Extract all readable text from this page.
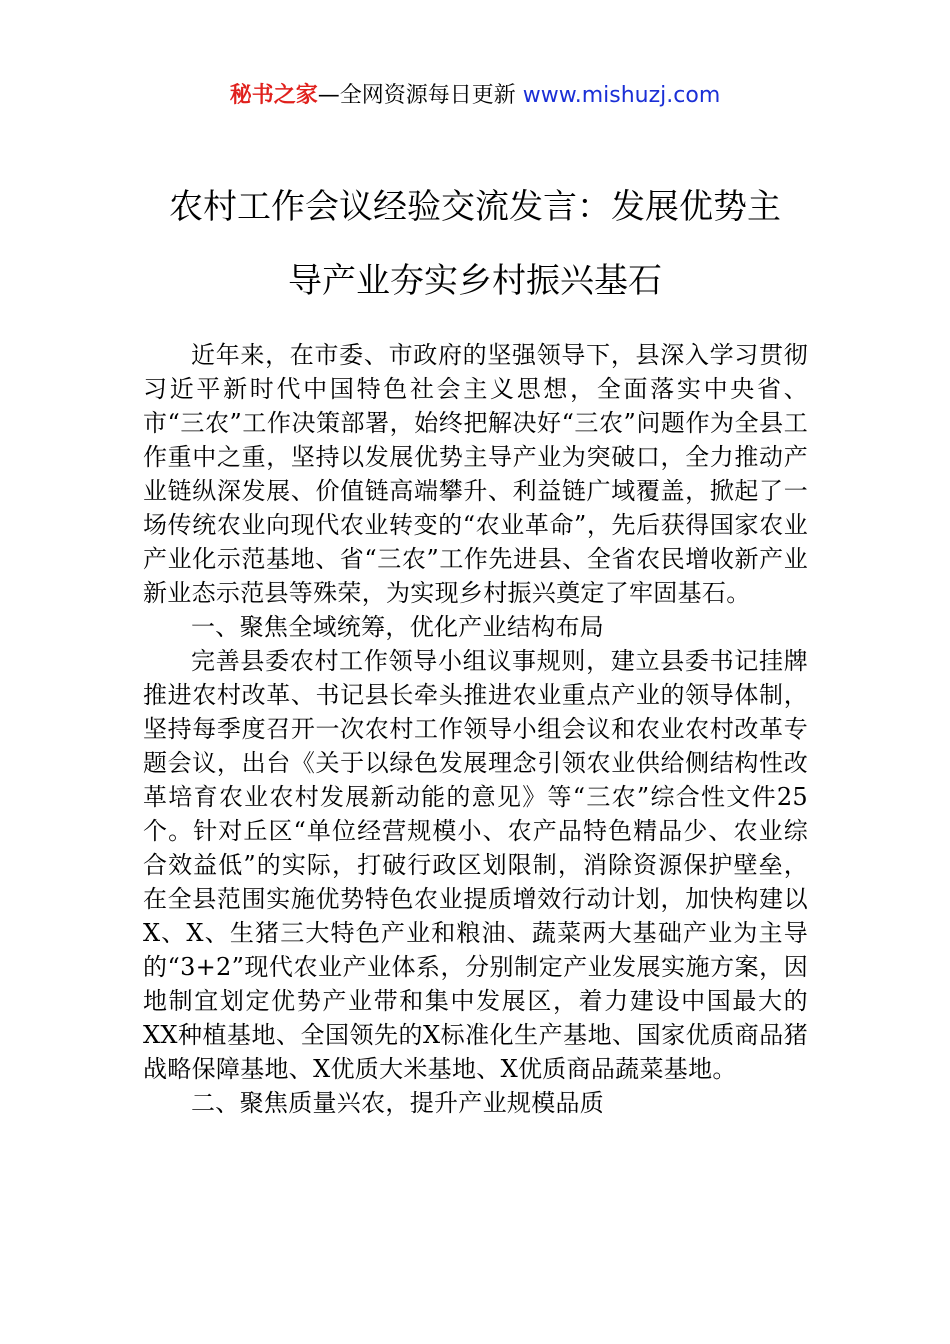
秘书之家—全网资源每日更新 www.mishuzj.com
农村工作会议经验交流发言：发展优势主
导产业夯实乡村振兴基石

近年来，在市委、市政府的坚强领导下，县深入学习贯彻习近平新时代中国特色社会主义思想，全面落实中央省、市“三农”工作决策部署，始终把解决好“三农”问题作为全县工作重中之重，坚持以发展优势主导产业为突破口，全力推动产业链纵深发展、价值链高端攀升、利益链广域覆盖，掀起了一场传统农业向现代农业转变的“农业革命”，先后获得国家农业产业化示范基地、省“三农”工作先进县、全省农民增收新产业新业态示范县等殊荣，为实现乡村振兴奠定了牢固基石。

一、聚焦全域统筹，优化产业结构布局

完善县委农村工作领导小组议事规则，建立县委书记挂牌推进农村改革、书记县长牵头推进农业重点产业的领导体制，坚持每季度召开一次农村工作领导小组会议和农业农村改革专题会议，出台《关于以绿色发展理念引领农业供给侧结构性改革培育农业农村发展新动能的意见》等“三农”综合性文件25个。针对丘区“单位经营规模小、农产品特色精品少、农业综合效益低”的实际，打破行政区划限制，消除资源保护壁垒，在全县范围实施优势特色农业提质增效行动计划，加快构建以X、X、生猪三大特色产业和粮油、蔬菜两大基础产业为主导的“3+2”现代农业产业体系，分别制定产业发展实施方案，因地制宜划定优势产业带和集中发展区，着力建设中国最大的XX种植基地、全国领先的X标准化生产基地、国家优质商品猪战略保障基地、X优质大米基地、X优质商品蔬菜基地。

二、聚焦质量兴农，提升产业规模品质
